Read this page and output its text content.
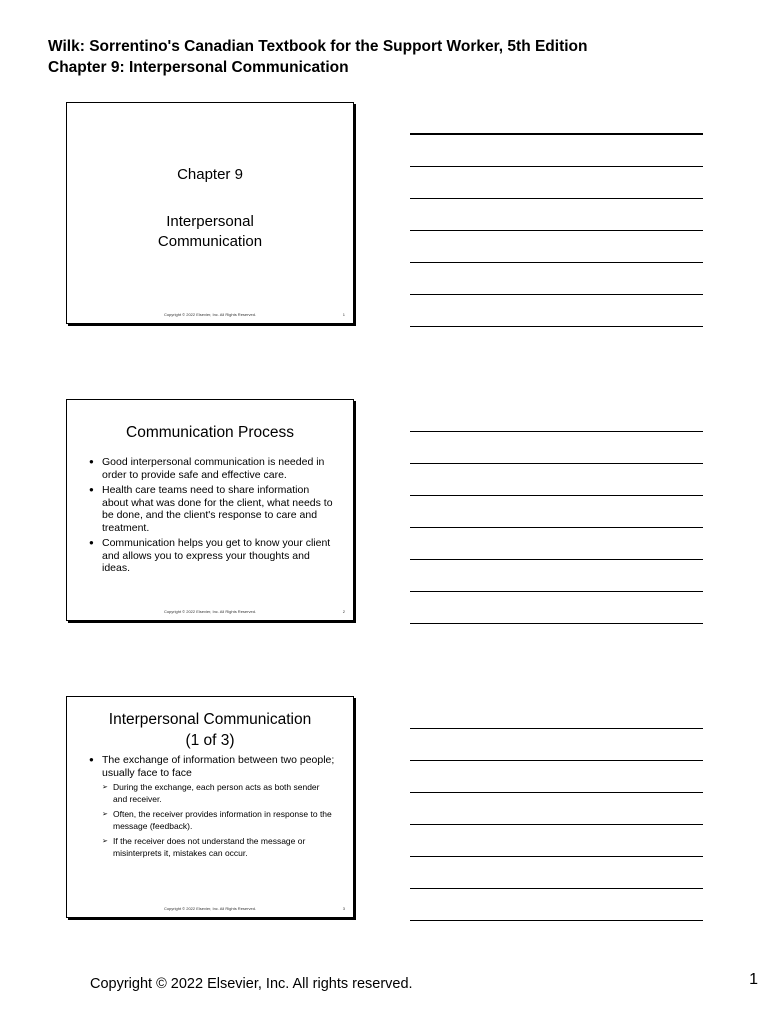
Wilk: Sorrentino's Canadian Textbook for the Support Worker, 5th Edition
Chapter 9: Interpersonal Communication
Chapter 9
Interpersonal
Communication
Copyright © 2022 Elsevier, Inc. All Rights Reserved.	1
Communication Process
● Good interpersonal communication is needed in order to provide safe and effective care.
● Health care teams need to share information about what was done for the client, what needs to be done, and the client's response to care and treatment.
● Communication helps you get to know your client and allows you to express your thoughts and ideas.
Copyright © 2022 Elsevier, Inc. All Rights Reserved.	2
Interpersonal Communication
(1 of 3)
● The exchange of information between two people; usually face to face
➢ During the exchange, each person acts as both sender and receiver.
➢ Often, the receiver provides information in response to the message (feedback).
➢ If the receiver does not understand the message or misinterprets it, mistakes can occur.
Copyright © 2022 Elsevier, Inc. All Rights Reserved.	3
Copyright © 2022 Elsevier, Inc. All rights reserved.	1
